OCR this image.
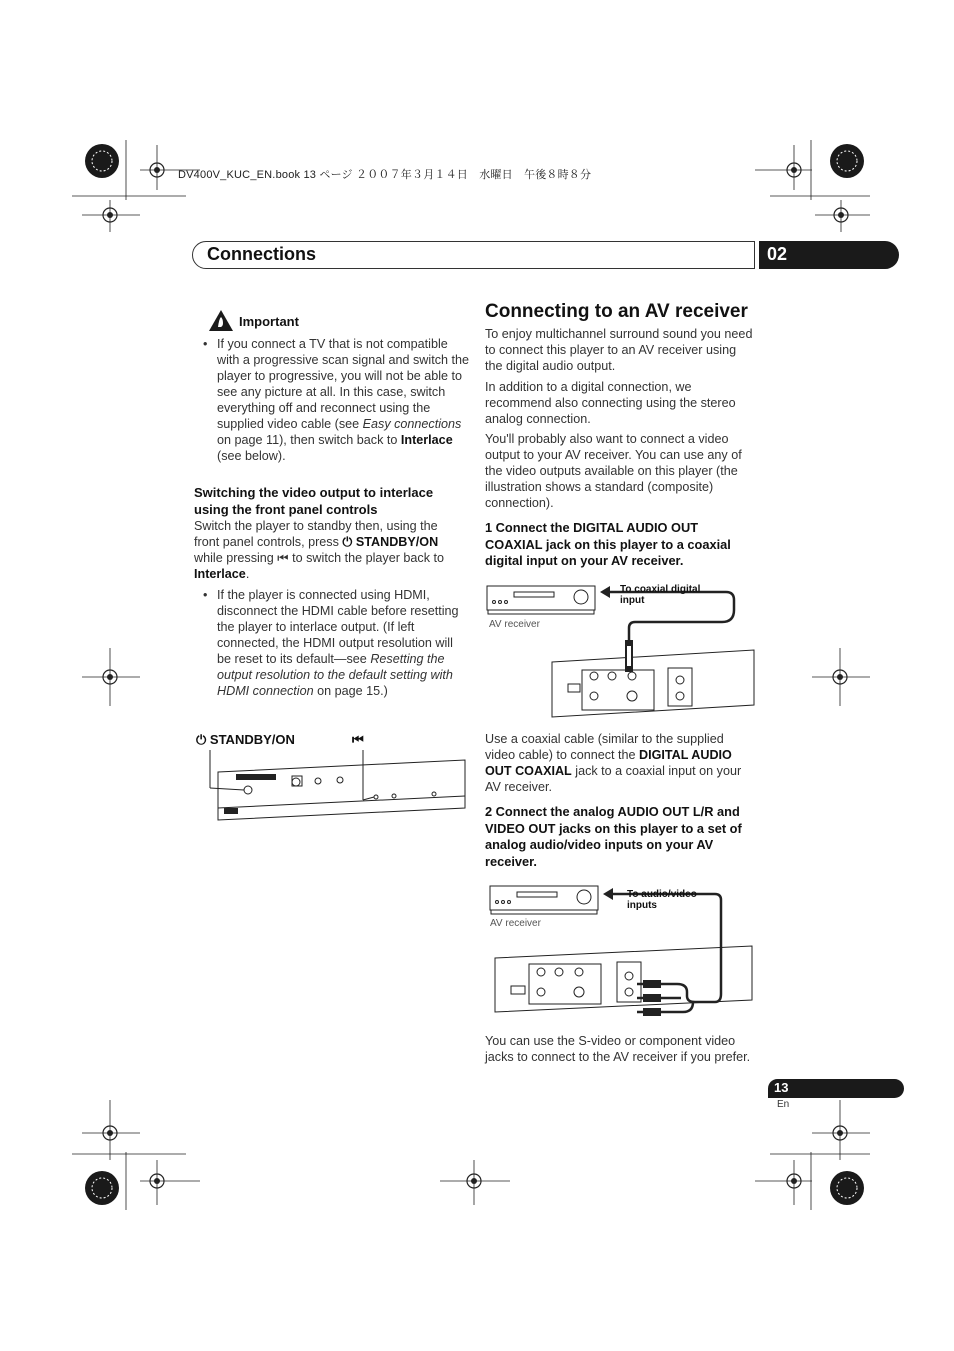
DV400V_KUC_EN.book 13 ページ ２００７年３月１４日　水曜日　午後８時８分
Connections	02
Important
• If you connect a TV that is not compatible with a progressive scan signal and switch the player to progressive, you will not be able to see any picture at all. In this case, switch everything off and reconnect using the supplied video cable (see Easy connections on page 11), then switch back to Interlace (see below).
Switching the video output to interlace using the front panel controls
Switch the player to standby then, using the front panel controls, press ⏻ STANDBY/ON while pressing ⏮ to switch the player back to Interlace.
• If the player is connected using HDMI, disconnect the HDMI cable before resetting the player to interlace output. (If left connected, the HDMI output resolution will be reset to its default—see Resetting the output resolution to the default setting with HDMI connection on page 15.)
⏻ STANDBY/ON	⏮
Connecting to an AV receiver
To enjoy multichannel surround sound you need to connect this player to an AV receiver using the digital audio output.
In addition to a digital connection, we recommend also connecting using the stereo analog connection.
You'll probably also want to connect a video output to your AV receiver. You can use any of the video outputs available on this player (the illustration shows a standard (composite) connection).
1 Connect the DIGITAL AUDIO OUT COAXIAL jack on this player to a coaxial digital input on your AV receiver.
AV receiver
To coaxial digital input
Use a coaxial cable (similar to the supplied video cable) to connect the DIGITAL AUDIO OUT COAXIAL jack to a coaxial input on your AV receiver.
2 Connect the analog AUDIO OUT L/R and VIDEO OUT jacks on this player to a set of analog audio/video inputs on your AV receiver.
AV receiver
To audio/video inputs
You can use the S-video or component video jacks to connect to the AV receiver if you prefer.
13
En
